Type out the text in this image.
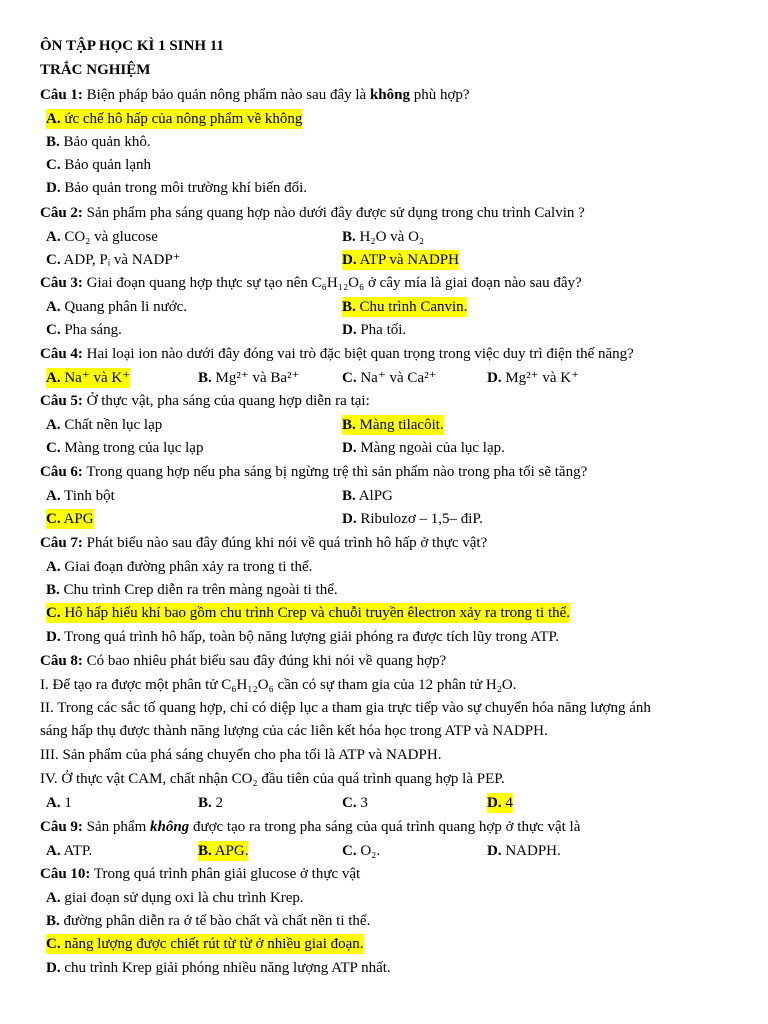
ÔN TẬP HỌC KÌ 1 SINH 11
TRẮC NGHIỆM
Câu 1: Biện pháp bảo quản nông phẩm nào sau đây là không phù hợp?
A. ức chế hô hấp của nông phẩm về không
B. Bảo quản khô.
C. Bảo quản lạnh
D. Bảo quản trong môi trường khí biến đổi.
Câu 2: Sản phẩm pha sáng quang hợp nào dưới đây được sử dụng trong chu trình Calvin ?
A. CO₂ và glucose	B. H₂O và O₂
C. ADP, Pᵢ và NADP⁺	D. ATP và NADPH
Câu 3: Giai đoạn quang hợp thực sự tạo nên C₆H₁₂O₆ ở cây mía là giai đoạn nào sau đây?
A. Quang phân li nước.	B. Chu trình Canvin.
C. Pha sáng.	D. Pha tối.
Câu 4: Hai loại ion nào dưới đây đóng vai trò đặc biệt quan trọng trong việc duy trì điện thế năng?
A. Na⁺ và K⁺	B. Mg²⁺ và Ba²⁺	C. Na⁺ và Ca²⁺	D. Mg²⁺ và K⁺
Câu 5: Ở thực vật, pha sáng của quang hợp diễn ra tại:
A. Chất nền lục lạp	B. Màng tilacôit.
C. Màng trong của lục lạp	D. Màng ngoài của lục lạp.
Câu 6: Trong quang hợp nếu pha sáng bị ngừng trệ thì sản phẩm nào trong pha tối sẽ tăng?
A. Tinh bột	B. AlPG
C. APG	D. Ribulozơ – 1,5– điP.
Câu 7: Phát biểu nào sau đây đúng khi nói về quá trình hô hấp ở thực vật?
A. Giai đoạn đường phân xảy ra trong ti thể.
B. Chu trình Crep diễn ra trên màng ngoài ti thể.
C. Hô hấp hiếu khí bao gồm chu trình Crep và chuỗi truyền êlectron xảy ra trong ti thể.
D. Trong quá trình hô hấp, toàn bộ năng lượng giải phóng ra được tích lũy trong ATP.
Câu 8: Có bao nhiêu phát biểu sau đây đúng khi nói về quang hợp?
I. Để tạo ra được một phân tử C₆H₁₂O₆ cần có sự tham gia của 12 phân tử H₂O.
II. Trong các sắc tố quang hợp, chỉ có diệp lục a tham gia trực tiếp vào sự chuyển hóa năng lượng ánh
sáng hấp thụ được thành năng lượng của các liên kết hóa học trong ATP và NADPH.
III. Sản phẩm của phá sáng chuyển cho pha tối là ATP và NADPH.
IV. Ở thực vật CAM, chất nhận CO₂ đầu tiên của quá trình quang hợp là PEP.
A. 1	B. 2	C. 3	D. 4
Câu 9: Sản phẩm không được tạo ra trong pha sáng của quá trình quang hợp ở thực vật là
A. ATP.	B. APG.	C. O₂.	D. NADPH.
Câu 10: Trong quá trình phân giải glucose ở thực vật
A. giai đoạn sử dụng oxi là chu trình Krep.
B. đường phân diễn ra ở tế bào chất và chất nền ti thể.
C. năng lượng được chiết rút từ từ ở nhiều giai đoạn.
D. chu trình Krep giải phóng nhiều năng lượng ATP nhất.
